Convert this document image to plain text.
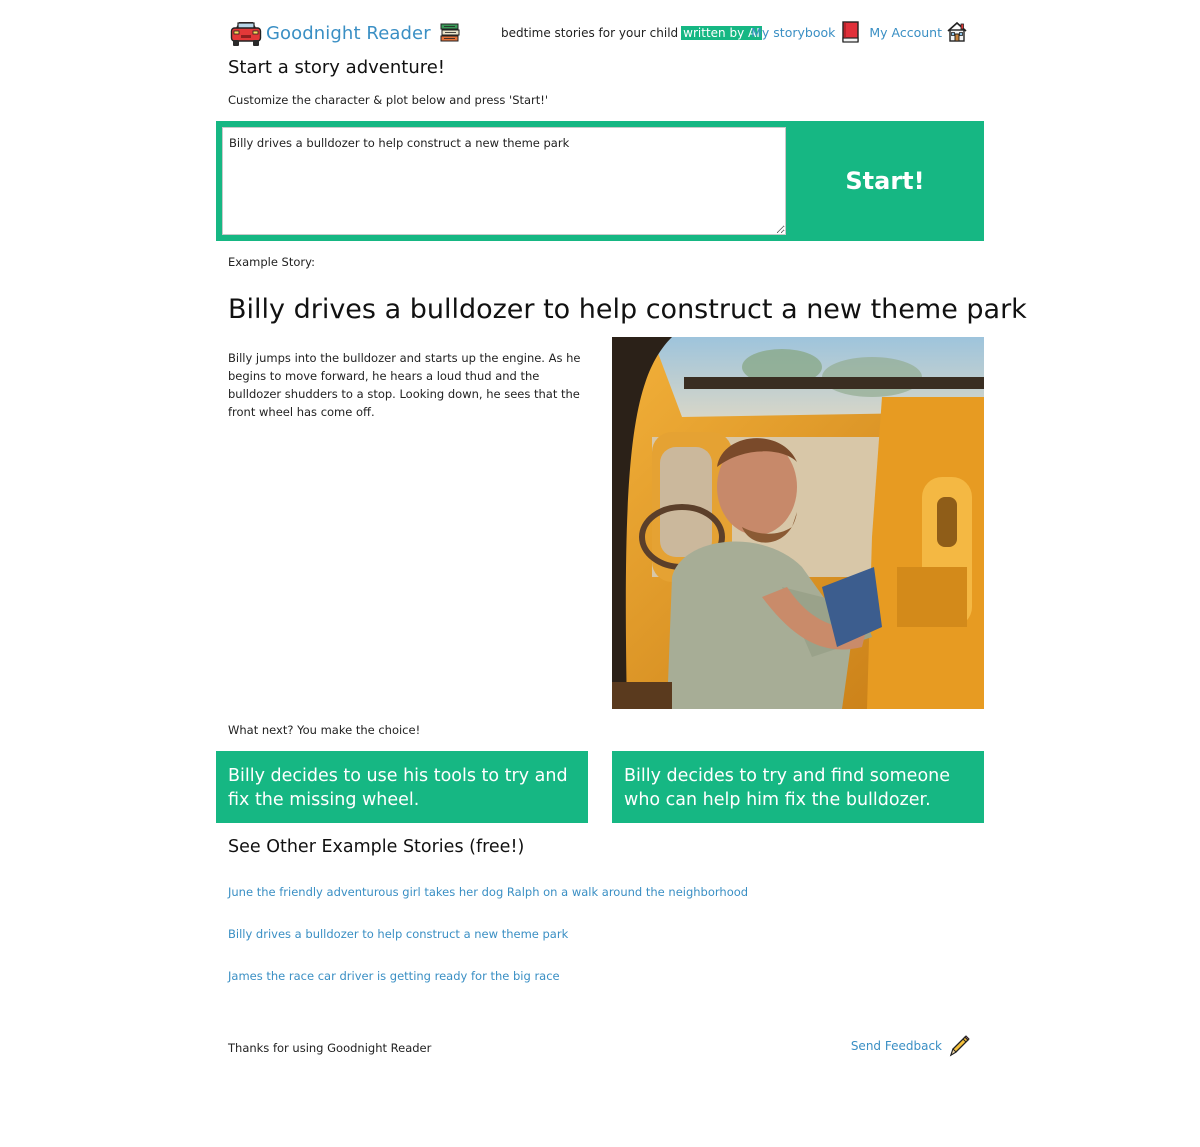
Goodnight Reader	bedtime stories for your child written by AI
My storybook	My Account
Start a story adventure!
Customize the character & plot below and press 'Start!'
Billy drives a bulldozer to help construct a new theme park
Start!
Example Story:
Billy drives a bulldozer to help construct a new theme park

Billy jumps into the bulldozer and starts up the engine. As he begins to move forward, he hears a loud thud and the bulldozer shudders to a stop. Looking down, he sees that the front wheel has come off.

What next? You make the choice!
Billy decides to use his tools to try and fix the missing wheel.
Billy decides to try and find someone who can help him fix the bulldozer.
See Other Example Stories (free!)
June the friendly adventurous girl takes her dog Ralph on a walk around the neighborhood
Billy drives a bulldozer to help construct a new theme park
James the race car driver is getting ready for the big race
Thanks for using Goodnight Reader	Send Feedback
